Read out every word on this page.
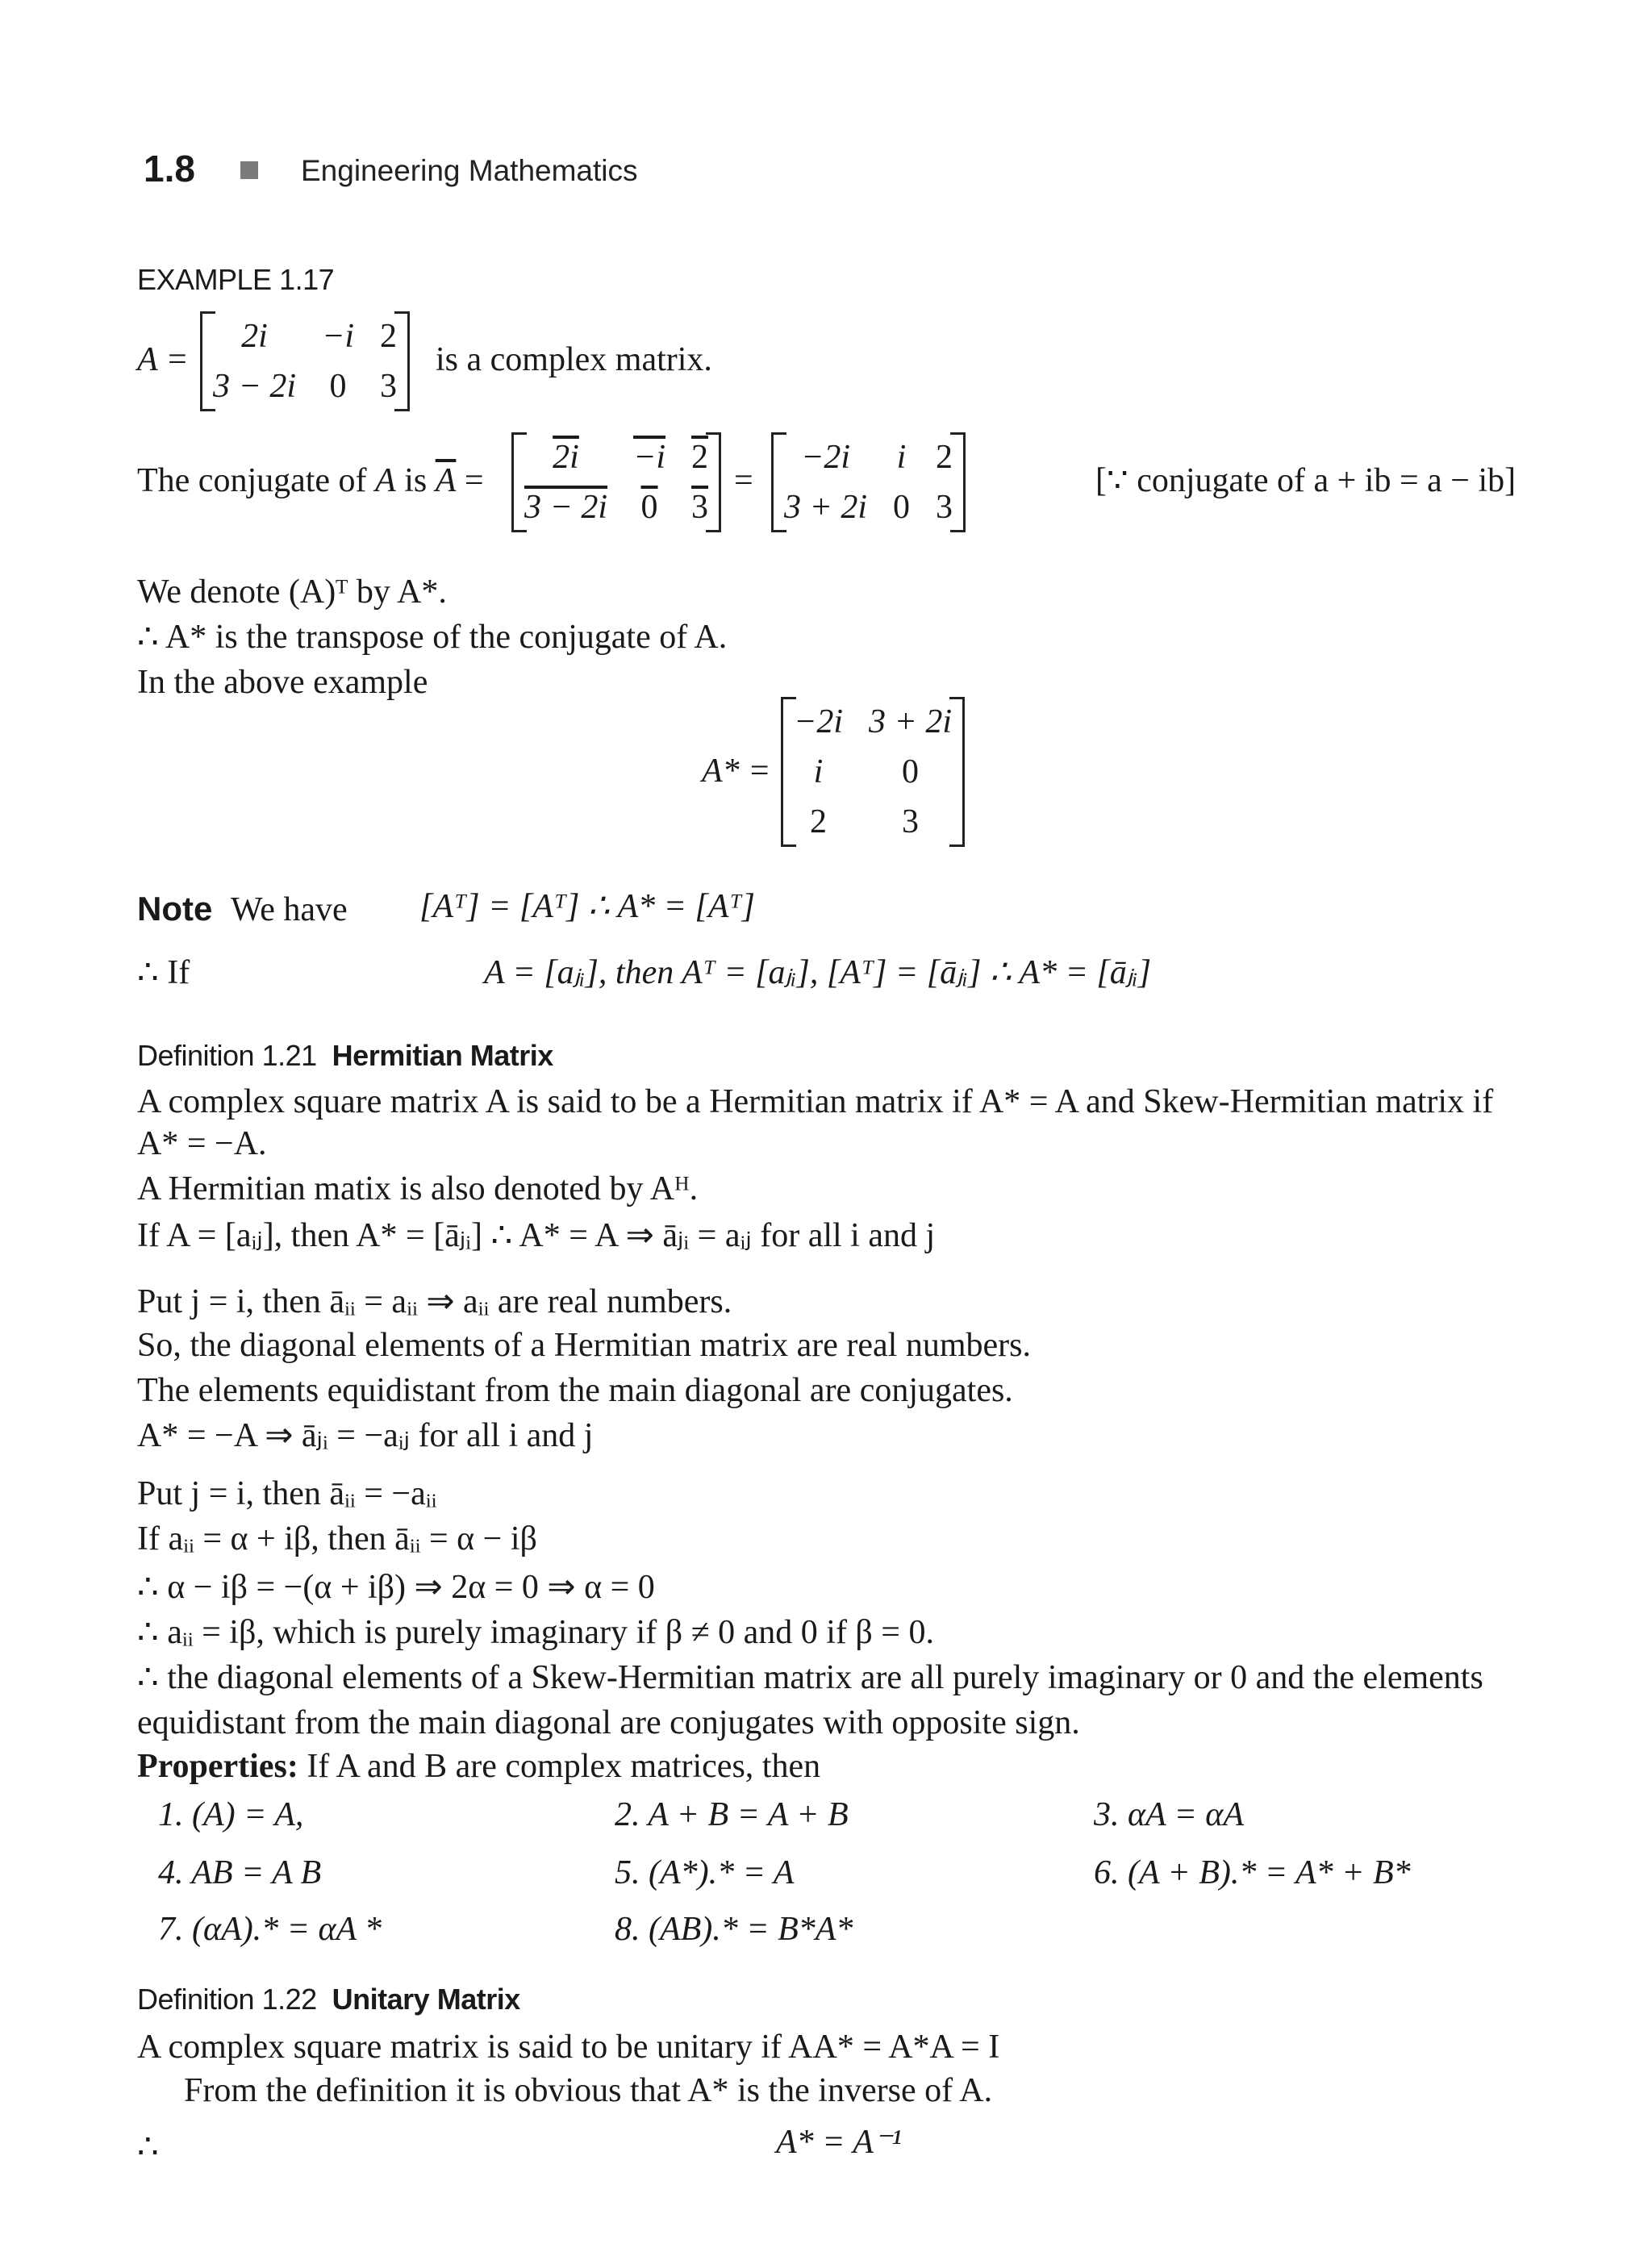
1.8	Engineering Mathematics
EXAMPLE 1.17
A =
2i	−i	2
3 − 2i	0	3
is a complex matrix.
The conjugate of A is $\overline{A}$ =
2i	−i	2
3 − 2i	0	3
=
−2i	i	2
3 + 2i	0	3
[∵ conjugate of a + ib = a − ib]
We denote (A)ᵀ by A*.
∴ A* is the transpose of the conjugate of A.
In the above example
A* =
−2i	3 + 2i
i	0
2	3
Note We have [Aᵀ] = [Aᵀ] ∴ A* = [Aᵀ]
∴ If	A = [aⱼᵢ], then Aᵀ = [aⱼᵢ], [Aᵀ] = [āⱼᵢ] ∴ A* = [āⱼᵢ]
Definition 1.21 Hermitian Matrix
A complex square matrix A is said to be a Hermitian matrix if A* = A and Skew-Hermitian matrix if
A* = −A.
A Hermitian matix is also denoted by Aᴴ.
If A = [aᵢⱼ], then A* = [āⱼᵢ] ∴ A* = A ⇒ āⱼᵢ = aᵢⱼ for all i and j
Put j = i, then āᵢᵢ = aᵢᵢ ⇒ aᵢᵢ are real numbers.
So, the diagonal elements of a Hermitian matrix are real numbers.
The elements equidistant from the main diagonal are conjugates.
A* = −A ⇒ āⱼᵢ = −aᵢⱼ for all i and j
Put j = i, then āᵢᵢ = −aᵢᵢ
If aᵢᵢ = α + iβ, then āᵢᵢ = α − iβ
∴ α − iβ = −(α + iβ) ⇒ 2α = 0 ⇒ α = 0
∴ aᵢᵢ = iβ, which is purely imaginary if β ≠ 0 and 0 if β = 0.
∴ the diagonal elements of a Skew-Hermitian matrix are all purely imaginary or 0 and the elements
equidistant from the main diagonal are conjugates with opposite sign.
Properties: If A and B are complex matrices, then
1. (A) = A,	2. A + B = A + B	3. αA = αA
4. AB = A B	5. (A*).* = A	6. (A + B).* = A* + B*
7. (αA).* = αA *	8. (AB).* = B*A*
Definition 1.22 Unitary Matrix
A complex square matrix is said to be unitary if AA* = A*A = I
From the definition it is obvious that A* is the inverse of A.
∴	A* = A⁻¹
